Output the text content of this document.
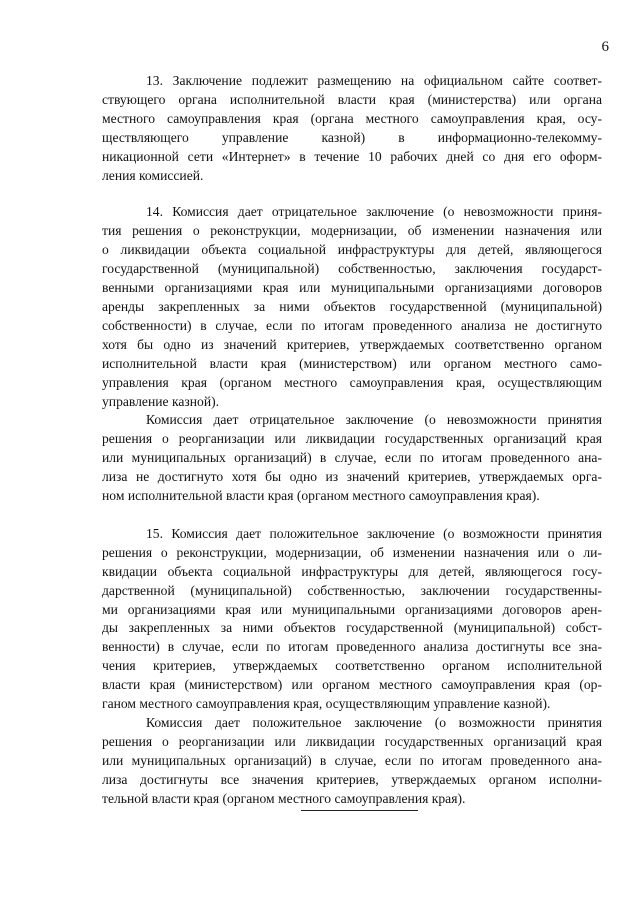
6
13. Заключение подлежит размещению на официальном сайте соответ-
ствующего органа исполнительной власти края (министерства) или органа
местного самоуправления края (органа местного самоуправления края, осу-
ществляющего управление казной) в информационно-телекомму-
никационной сети «Интернет» в течение 10 рабочих дней со дня его оформ-
ления комиссией.
14. Комиссия дает отрицательное заключение (о невозможности приня-
тия решения о реконструкции, модернизации, об изменении назначения или
о ликвидации объекта социальной инфраструктуры для детей, являющегося
государственной (муниципальной) собственностью, заключения государст-
венными организациями края или муниципальными организациями договоров
аренды закрепленных за ними объектов государственной (муниципальной)
собственности) в случае, если по итогам проведенного анализа не достигнуто
хотя бы одно из значений критериев, утверждаемых соответственно органом
исполнительной власти края (министерством) или органом местного само-
управления края (органом местного самоуправления края, осуществляющим
управление казной).
Комиссия дает отрицательное заключение (о невозможности принятия
решения о реорганизации или ликвидации государственных организаций края
или муниципальных организаций) в случае, если по итогам проведенного ана-
лиза не достигнуто хотя бы одно из значений критериев, утверждаемых орга-
ном исполнительной власти края (органом местного самоуправления края).
15. Комиссия дает положительное заключение (о возможности принятия
решения о реконструкции, модернизации, об изменении назначения или о ли-
квидации объекта социальной инфраструктуры для детей, являющегося госу-
дарственной (муниципальной) собственностью, заключении государственны-
ми организациями края или муниципальными организациями договоров арен-
ды закрепленных за ними объектов государственной (муниципальной) собст-
венности) в случае, если по итогам проведенного анализа достигнуты все зна-
чения критериев, утверждаемых соответственно органом исполнительной
власти края (министерством) или органом местного самоуправления края (ор-
ганом местного самоуправления края, осуществляющим управление казной).
Комиссия дает положительное заключение (о возможности принятия
решения о реорганизации или ликвидации государственных организаций края
или муниципальных организаций) в случае, если по итогам проведенного ана-
лиза достигнуты все значения критериев, утверждаемых органом исполни-
тельной власти края (органом местного самоуправления края).
